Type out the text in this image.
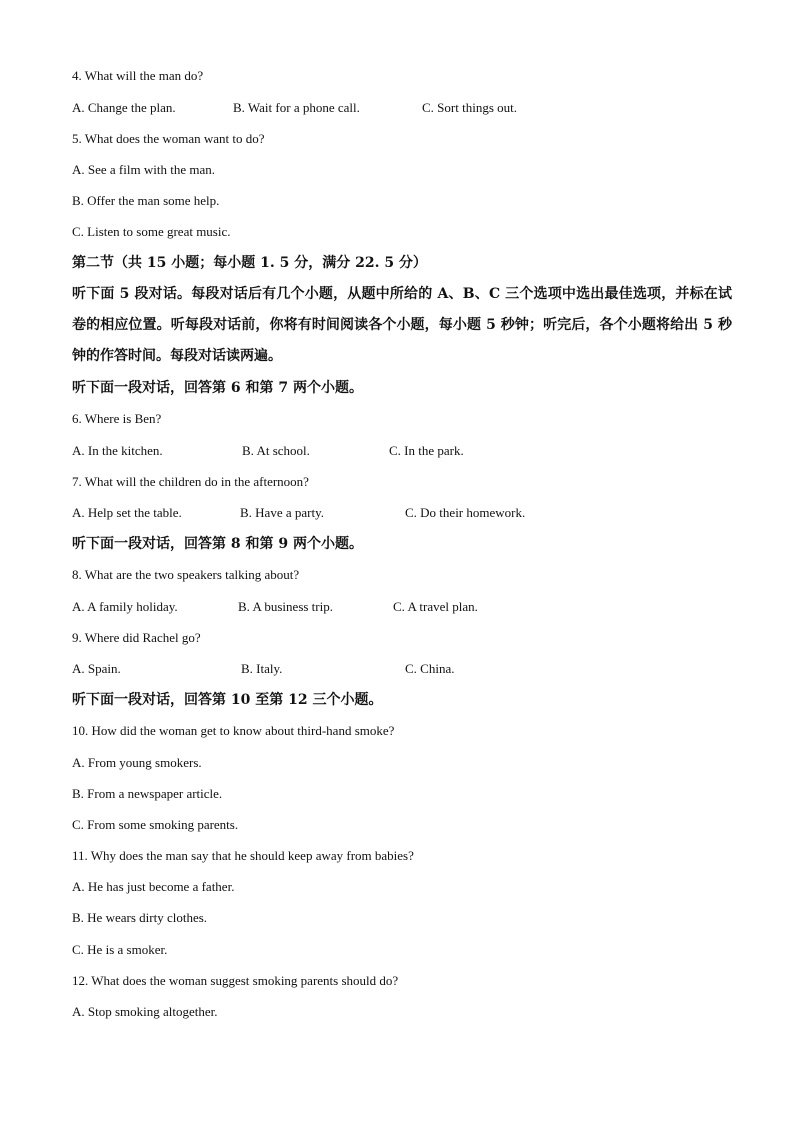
4. What will the man do?
A. Change the plan.	B. Wait for a phone call.	C. Sort things out.
5. What does the woman want to do?
A. See a film with the man.
B. Offer the man some help.
C. Listen to some great music.
第二节（共 15 小题；每小题 1. 5 分，满分 22. 5 分）
听下面 5 段对话。每段对话后有几个小题，从题中所给的 A、B、C 三个选项中选出最佳选项，并标在试卷的相应位置。听每段对话前，你将有时间阅读各个小题，每小题 5 秒钟；听完后，各个小题将给出 5 秒钟的作答时间。每段对话读两遍。
听下面一段对话，回答第 6 和第 7 两个小题。
6. Where is Ben?
A. In the kitchen.	B. At school.	C. In the park.
7. What will the children do in the afternoon?
A. Help set the table.	B. Have a party.	C. Do their homework.
听下面一段对话，回答第 8 和第 9 两个小题。
8. What are the two speakers talking about?
A. A family holiday.	B. A business trip.	C. A travel plan.
9. Where did Rachel go?
A. Spain.	B. Italy.	C. China.
听下面一段对话，回答第 10 至第 12 三个小题。
10. How did the woman get to know about third-hand smoke?
A. From young smokers.
B. From a newspaper article.
C. From some smoking parents.
11. Why does the man say that he should keep away from babies?
A. He has just become a father.
B. He wears dirty clothes.
C. He is a smoker.
12. What does the woman suggest smoking parents should do?
A. Stop smoking altogether.
